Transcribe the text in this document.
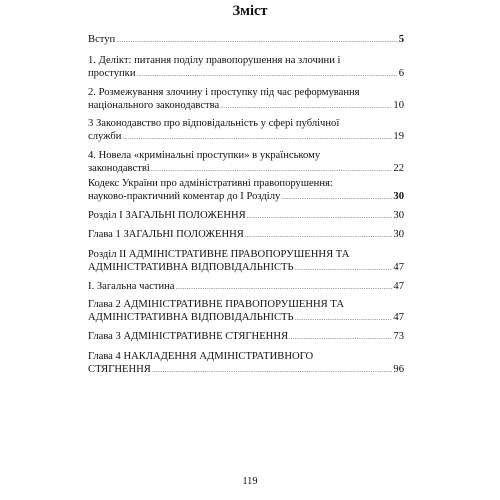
Зміст
Вступ .....	5
1. Делікт: питання поділу правопорушення на злочини і
проступки .....	6
2. Розмежування злочину і проступку під час реформування
національного законодавства .....	10
3 Законодавство про відповідальність у сфері публічної
служби .....	19
4. Новела «кримінальні проступки» в українському
законодавстві .....	22
Кодекс України про адміністративні правопорушення:
науково-практичний коментар до І Розділу .....	30
Розділ І ЗАГАЛЬНІ ПОЛОЖЕННЯ .....	30
Глава 1 ЗАГАЛЬНІ ПОЛОЖЕННЯ .....	30
Розділ ІІ АДМІНІСТРАТИВНЕ ПРАВОПОРУШЕННЯ ТА
АДМІНІСТРАТИВНА ВІДПОВІДАЛЬНІСТЬ .....	47
І. Загальна частина .....	47
Глава 2 АДМІНІСТРАТИВНЕ ПРАВОПОРУШЕННЯ ТА
АДМІНІСТРАТИВНА ВІДПОВІДАЛЬНІСТЬ .....	47
Глава 3 АДМІНІСТРАТИВНЕ СТЯГНЕННЯ .....	73
Глава 4 НАКЛАДЕННЯ АДМІНІСТРАТИВНОГО
СТЯГНЕННЯ .....	96
119
